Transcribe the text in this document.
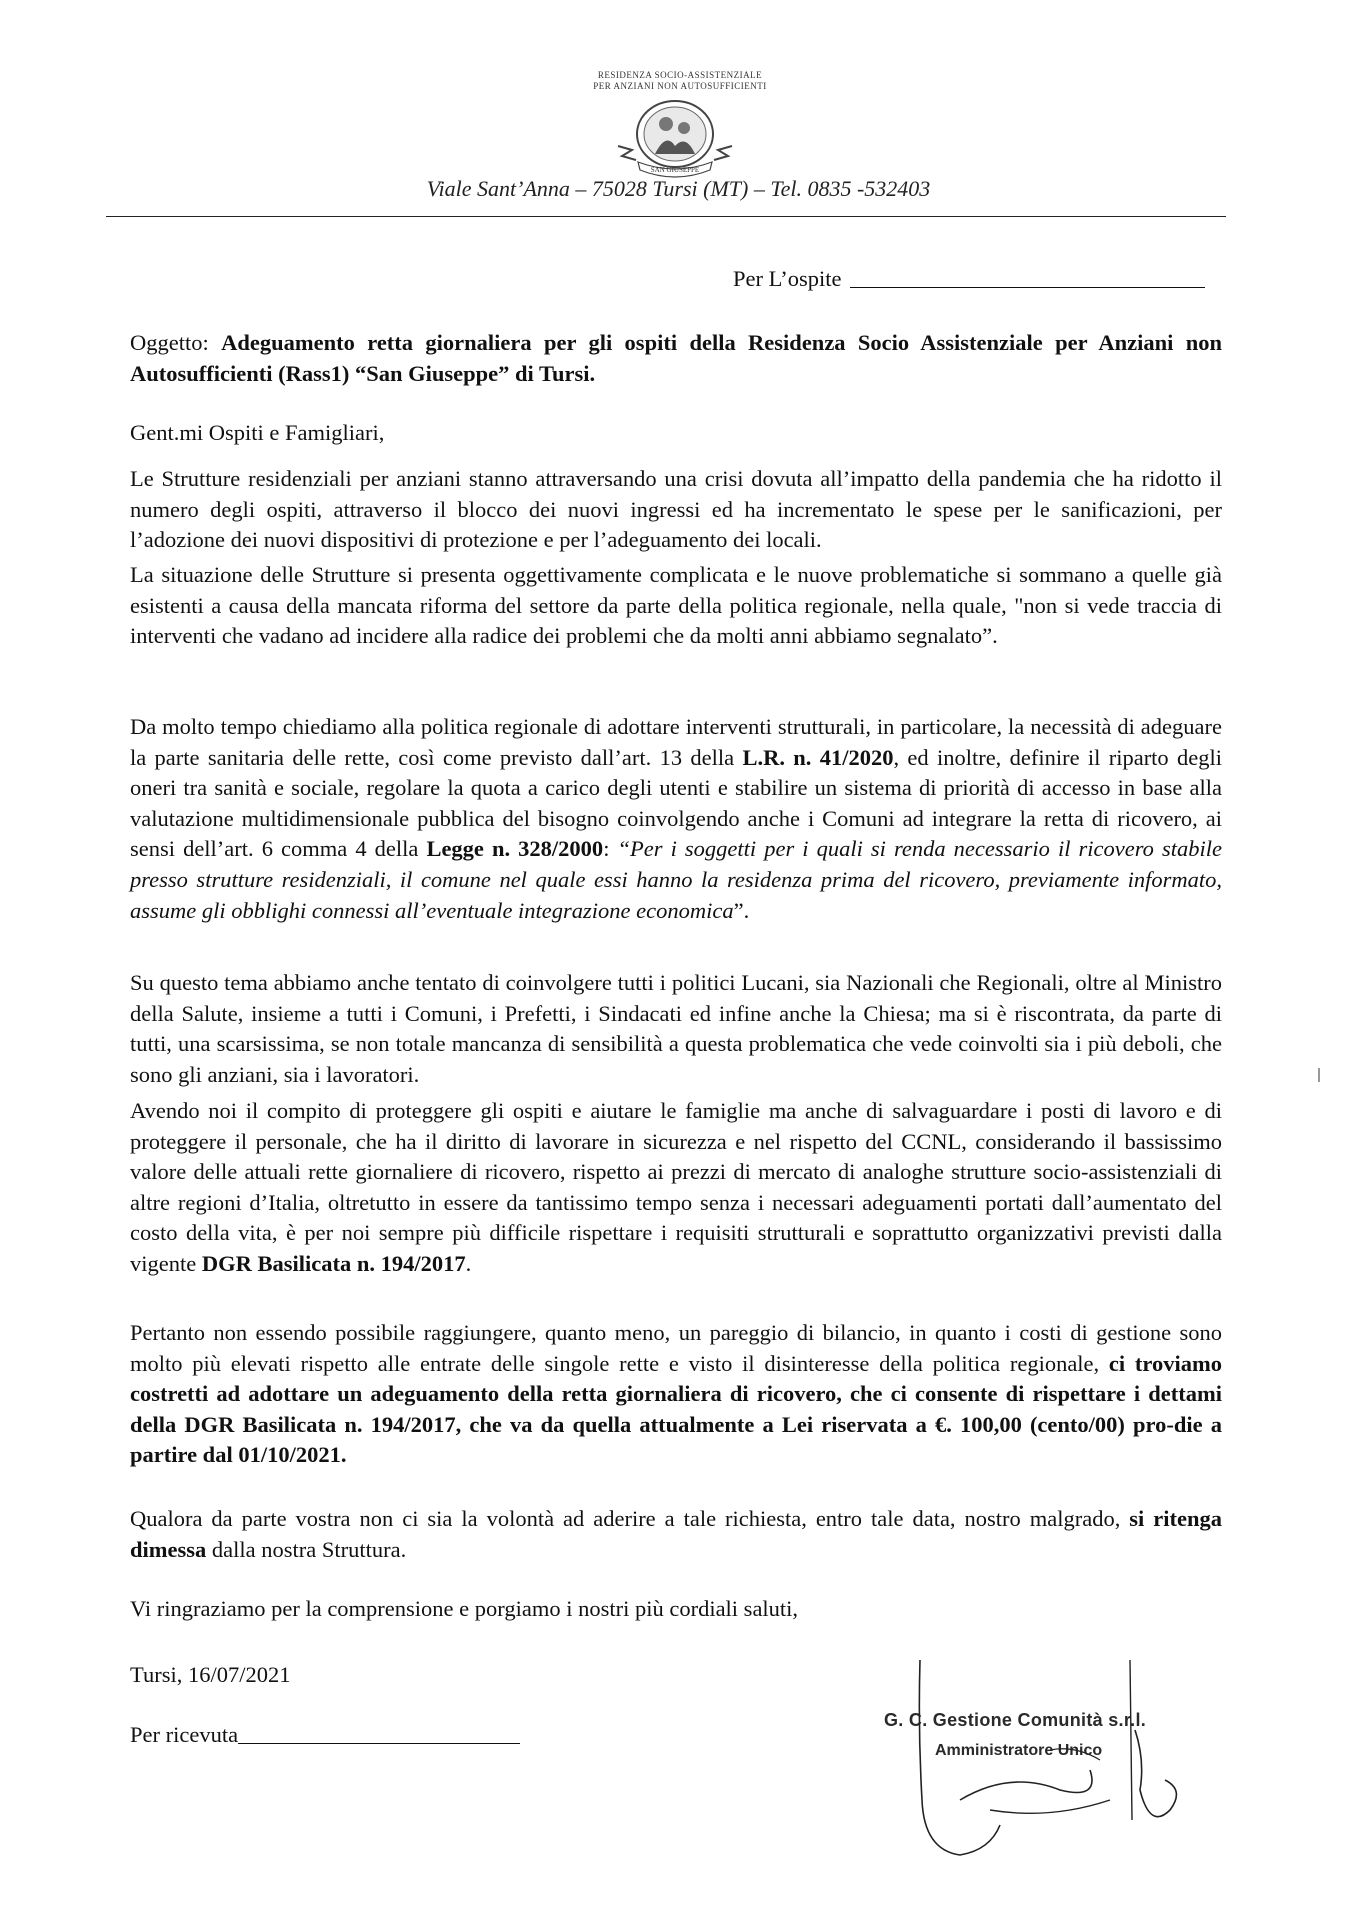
RESIDENZA SOCIO-ASSISTENZIALE
PER ANZIANI NON AUTOSUFFICIENTI
SAN GIUSEPPE
Viale Sant’Anna – 75028 Tursi (MT) – Tel. 0835 -532403
Per L’ospite
Oggetto: Adeguamento retta giornaliera per gli ospiti della Residenza Socio Assistenziale per Anziani non Autosufficienti (Rass1) “San Giuseppe” di Tursi.
Gent.mi Ospiti e Famigliari,
Le Strutture residenziali per anziani stanno attraversando una crisi dovuta all’impatto della pandemia che ha ridotto il numero degli ospiti, attraverso il blocco dei nuovi ingressi ed ha incrementato le spese per le sanificazioni, per l’adozione dei nuovi dispositivi di protezione e per l’adeguamento dei locali.
La situazione delle Strutture si presenta oggettivamente complicata e le nuove problematiche si sommano a quelle già esistenti a causa della mancata riforma del settore da parte della politica regionale, nella quale, "non si vede traccia di interventi che vadano ad incidere alla radice dei problemi che da molti anni abbiamo segnalato”.
Da molto tempo chiediamo alla politica regionale di adottare interventi strutturali, in particolare, la necessità di adeguare la parte sanitaria delle rette, così come previsto dall’art. 13 della L.R. n. 41/2020, ed inoltre, definire il riparto degli oneri tra sanità e sociale, regolare la quota a carico degli utenti e stabilire un sistema di priorità di accesso in base alla valutazione multidimensionale pubblica del bisogno coinvolgendo anche i Comuni ad integrare la retta di ricovero, ai sensi dell’art. 6 comma 4 della Legge n. 328/2000: “Per i soggetti per i quali si renda necessario il ricovero stabile presso strutture residenziali, il comune nel quale essi hanno la residenza prima del ricovero, previamente informato, assume gli obblighi connessi all’eventuale integrazione economica”.
Su questo tema abbiamo anche tentato di coinvolgere tutti i politici Lucani, sia Nazionali che Regionali, oltre al Ministro della Salute, insieme a tutti i Comuni, i Prefetti, i Sindacati ed infine anche la Chiesa; ma si è riscontrata, da parte di tutti, una scarsissima, se non totale mancanza di sensibilità a questa problematica che vede coinvolti sia i più deboli, che sono gli anziani, sia i lavoratori.
Avendo noi il compito di proteggere gli ospiti e aiutare le famiglie ma anche di salvaguardare i posti di lavoro e di proteggere il personale, che ha il diritto di lavorare in sicurezza e nel rispetto del CCNL, considerando il bassissimo valore delle attuali rette giornaliere di ricovero, rispetto ai prezzi di mercato di analoghe strutture socio-assistenziali di altre regioni d’Italia, oltretutto in essere da tantissimo tempo senza i necessari adeguamenti portati dall’aumentato del costo della vita, è per noi sempre più difficile rispettare i requisiti strutturali e soprattutto organizzativi previsti dalla vigente DGR Basilicata n. 194/2017.
Pertanto non essendo possibile raggiungere, quanto meno, un pareggio di bilancio, in quanto i costi di gestione sono molto più elevati rispetto alle entrate delle singole rette e visto il disinteresse della politica regionale, ci troviamo costretti ad adottare un adeguamento della retta giornaliera di ricovero, che ci consente di rispettare i dettami della DGR Basilicata n. 194/2017, che va da quella attualmente a Lei riservata a €. 100,00 (cento/00) pro-die a partire dal 01/10/2021.
Qualora da parte vostra non ci sia la volontà ad aderire a tale richiesta, entro tale data, nostro malgrado, si ritenga dimessa dalla nostra Struttura.
Vi ringraziamo per la comprensione e porgiamo i nostri più cordiali saluti,
Tursi, 16/07/2021
Per ricevuta
G. C. Gestione Comunità s.r.l.
Amministratore Unico
